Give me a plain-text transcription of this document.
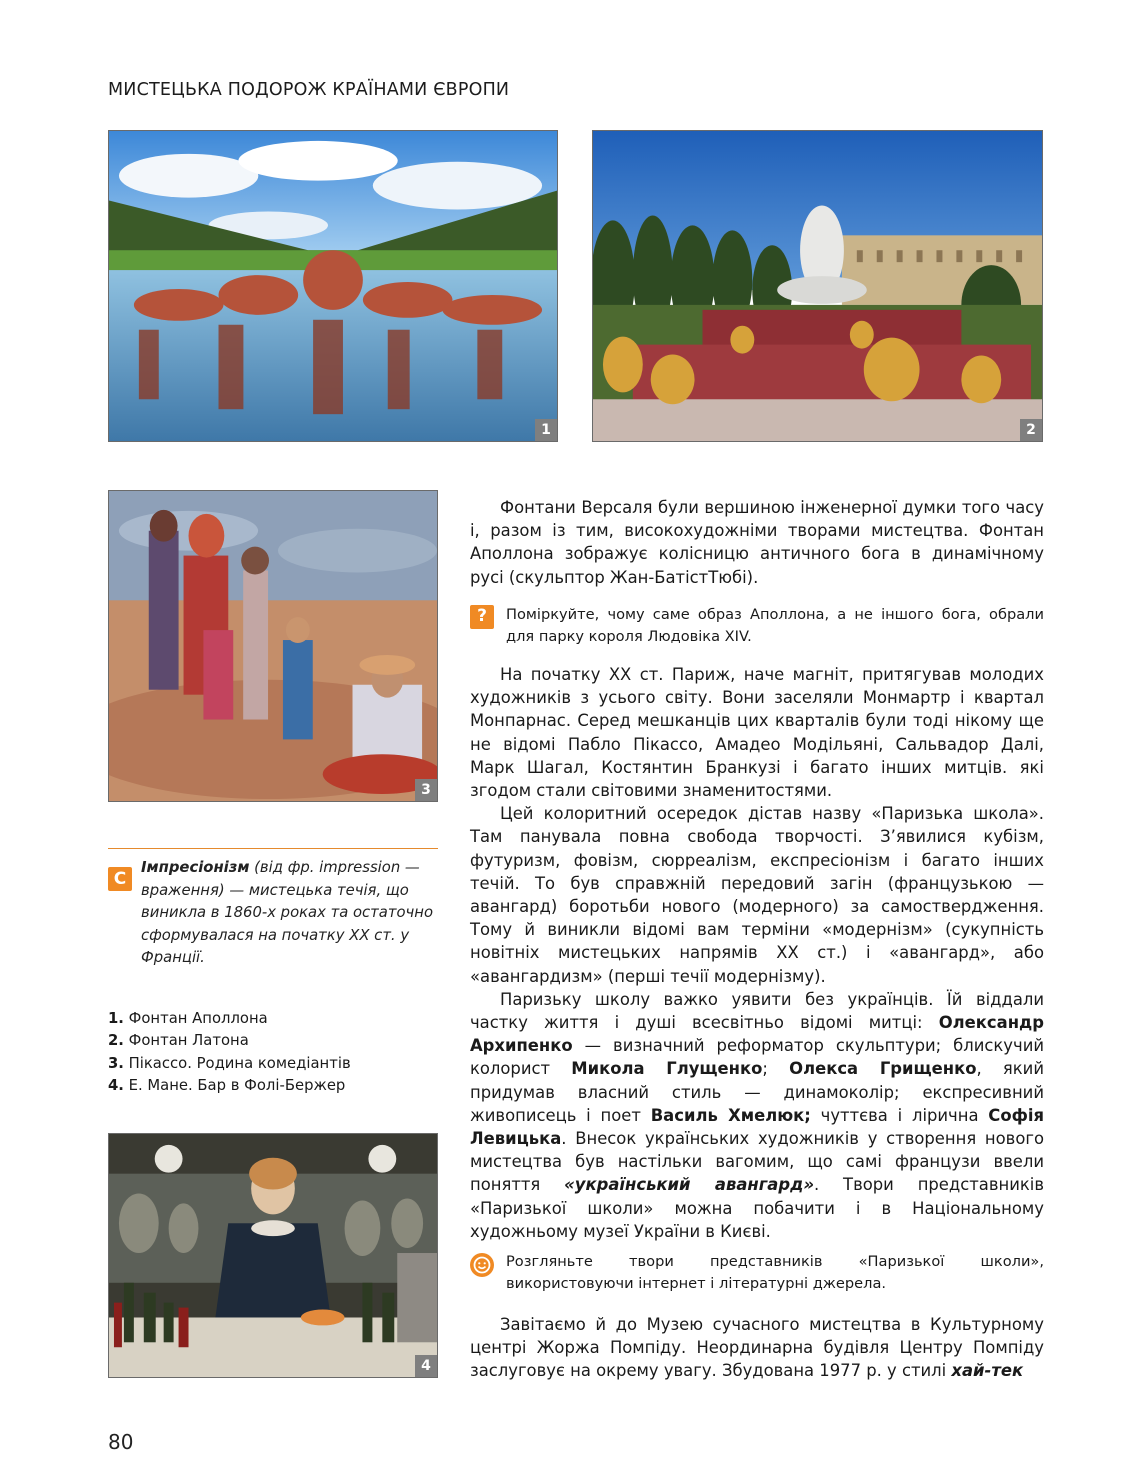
МИСТЕЦЬКА ПОДОРОЖ КРАЇНАМИ ЄВРОПИ
1	2
3
4

Фонтани Версаля були вершиною інженерної думки того часу і, разом із тим, високохудожніми творами мистецтва. Фонтан Аполлона зображує колісницю античного бога в динамічному русі (скульптор Жан-БатістТюбі).

?	Поміркуйте, чому саме образ Аполлона, а не іншого бога, обрали для парку короля Людовіка XIV.

На початку XX ст. Париж, наче магніт, притягував молодих художників з усього світу. Вони заселяли Монмартр і квартал Монпарнас. Серед мешканців цих кварталів були тоді нікому ще не відомі Пабло Пікассо, Амадео Модільяні, Сальвадор Далі, Марк Шагал, Костянтин Бранкузі і багато інших митців. які згодом стали світовими знаменитостями.

Цей колоритний осередок дістав назву «Паризька школа». Там панувала повна свобода творчості. З’явилися кубізм, футуризм, фовізм, сюрреалізм, експресіонізм і багато інших течій. То був справжній передовий загін (французькою — авангард) боротьби нового (модерного) за самоствердження. Тому й виникли відомі вам терміни «модернізм» (сукупність новітніх мистецьких напрямів XX ст.) і «авангард», або «авангардизм» (перші течії модернізму).

Паризьку школу важко уявити без українців. Їй віддали частку життя і душі всесвітньо відомі митці: Олександр Архипенко — визначний реформатор скульптури; блискучий колорист Микола Глущенко; Олекса Грищенко, який придумав власний стиль — динамоколір; експресивний живописець і поет Василь Хмелюк; чуттєва і лірична Софія Левицька. Внесок українських художників у створення нового мистецтва був настільки вагомим, що самі французи ввели поняття «український авангард». Твори представників «Паризької школи» можна побачити і в Національному художньому музеї України в Києві.

Розгляньте твори представників «Паризької школи», використовуючи інтернет і літературні джерела.

Завітаємо й до Музею сучасного мистецтва в Культурному центрі Жоржа Помпіду. Неординарна будівля Центру Помпіду заслуговує на окрему увагу. Збудована 1977 р. у стилі хай-тек

С
Імпресіонізм (від фр. impression — враження) — мистецька течія, що виникла в 1860-х роках та остаточно сформувалася на початку XX ст. у Франції.
1. Фонтан Аполлона
2. Фонтан Латона
3. Пікассо. Родина комедіантів
4. Е. Мане. Бар в Фолі-Бержер
80
